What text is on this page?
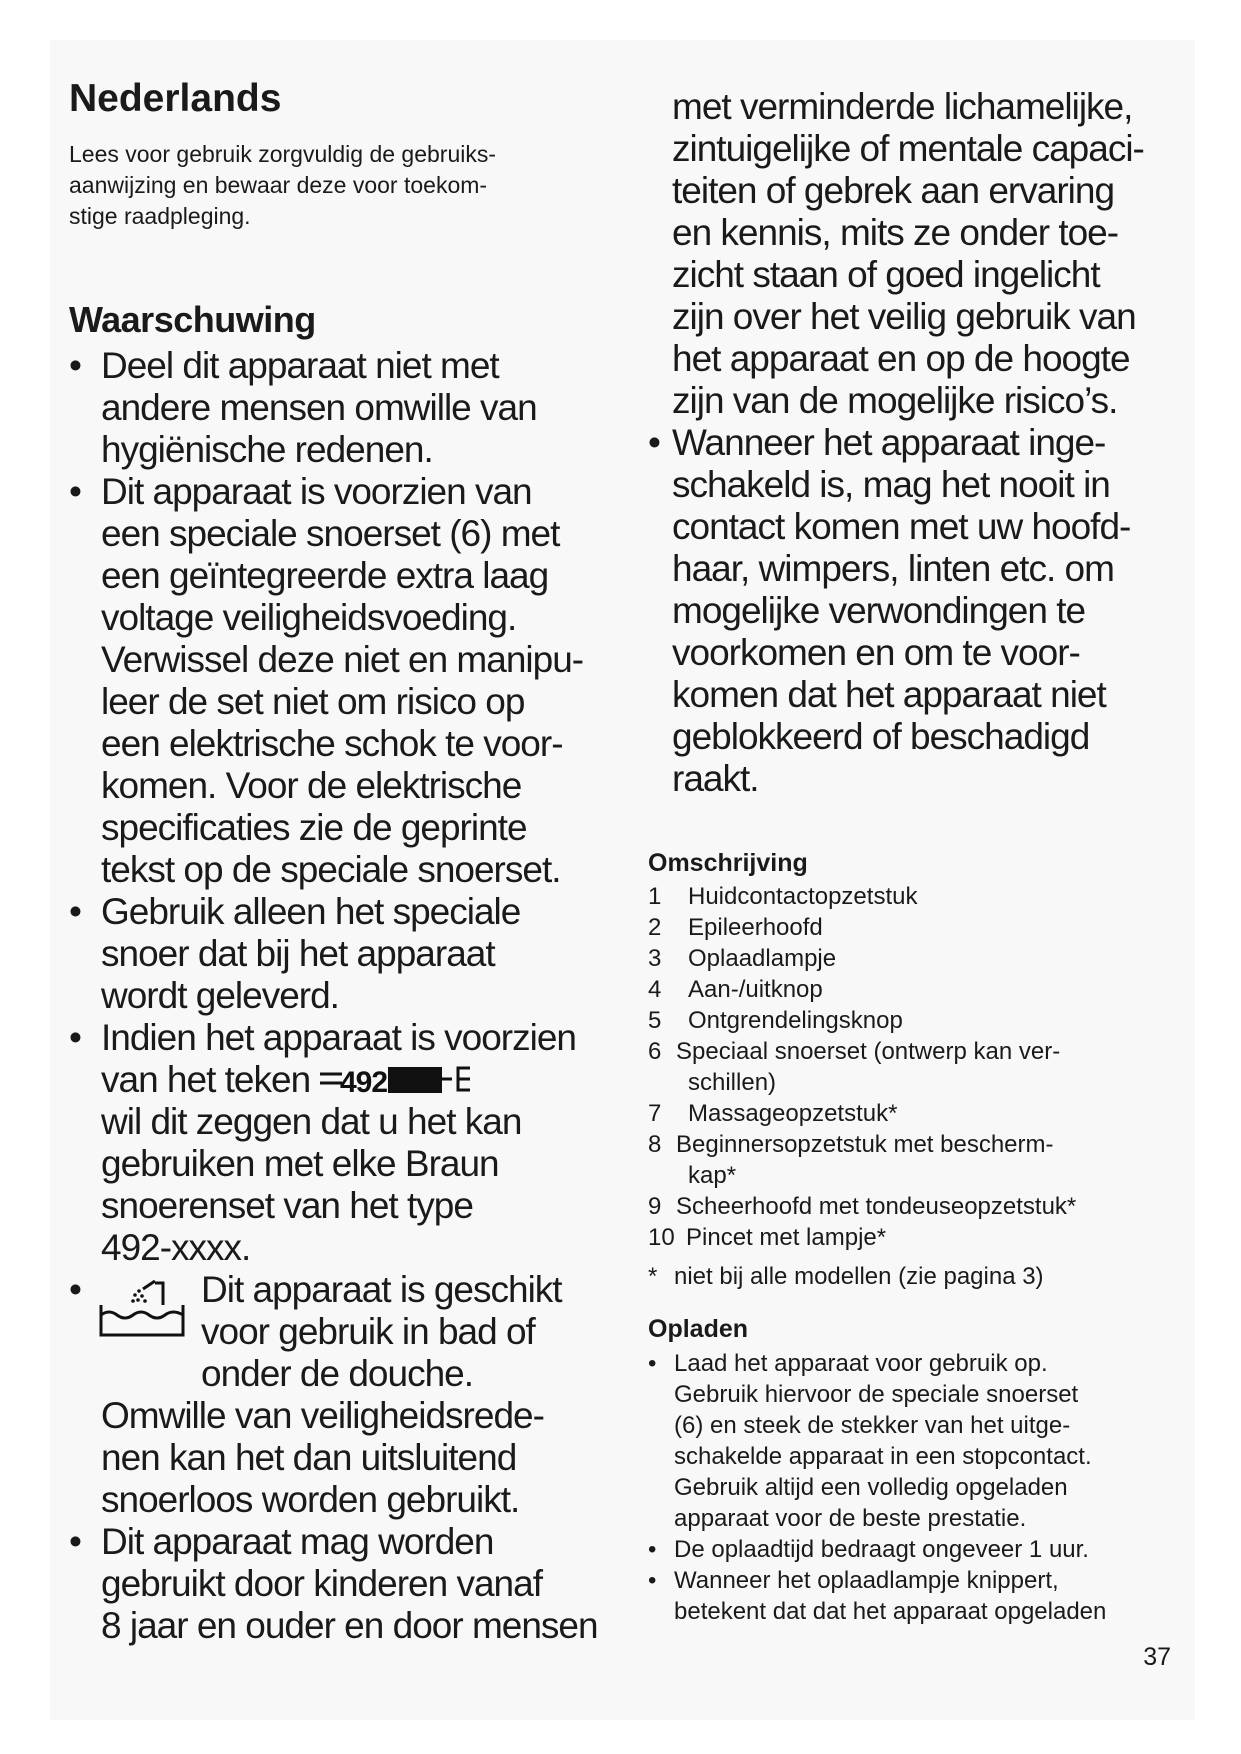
Nederlands

Lees voor gebruik zorgvuldig de gebruiks-
aanwijzing en bewaar deze voor toekom-
stige raadpleging.

Waarschuwing
• Deel dit apparaat niet met
andere mensen omwille van
hygiënische redenen.
• Dit apparaat is voorzien van
een speciale snoerset (6) met
een geïntegreerde extra laag
voltage veiligheidsvoeding.
Verwissel deze niet en manipu-
leer de set niet om risico op
een elektrische schok te voor-
komen. Voor de elektrische
specificaties zie de geprinte
tekst op de speciale snoerset.
• Gebruik alleen het speciale
snoer dat bij het apparaat
wordt geleverd.
• Indien het apparaat is voorzien

van het teken 492

wil dit zeggen dat u het kan
gebruiken met elke Braun
snoerenset van het type
492-xxxx.
•	Dit apparaat is geschikt
voor gebruik in bad of
onder de douche.
Omwille van veiligheidsrede-
nen kan het dan uitsluitend
snoerloos worden gebruikt.
• Dit apparaat mag worden
gebruikt door kinderen vanaf
8 jaar en ouder en door mensen

met verminderde lichamelijke,
zintuigelijke of mentale capaci-
teiten of gebrek aan ervaring
en kennis, mits ze onder toe-
zicht staan of goed ingelicht
zijn over het veilig gebruik van
het apparaat en op de hoogte
zijn van de mogelijke risico’s.

• Wanneer het apparaat inge-
schakeld is, mag het nooit in
contact komen met uw hoofd-
haar, wimpers, linten etc. om
mogelijke verwondingen te
voorkomen en om te voor-
komen dat het apparaat niet
geblokkeerd of beschadigd
raakt.
Omschrijving
1 Huidcontactopzetstuk
2 Epileerhoofd
3 Oplaadlampje
4 Aan-/uitknop
5 Ontgrendelingsknop
6 Speciaal snoerset (ontwerp kan ver-
schillen)
7 Massageopzetstuk*
8 Beginnersopzetstuk met bescherm-
kap*
9 Scheerhoofd met tondeuseopzetstuk*
10 Pincet met lampje*
* niet bij alle modellen (zie pagina 3)
Opladen
• Laad het apparaat voor gebruik op.
Gebruik hiervoor de speciale snoerset
(6) en steek de stekker van het uitge-
schakelde apparaat in een stopcontact.
Gebruik altijd een volledig opgeladen
apparaat voor de beste prestatie.
• De oplaadtijd bedraagt ongeveer 1 uur.
• Wanneer het oplaadlampje knippert,
betekent dat dat het apparaat opgeladen
37
